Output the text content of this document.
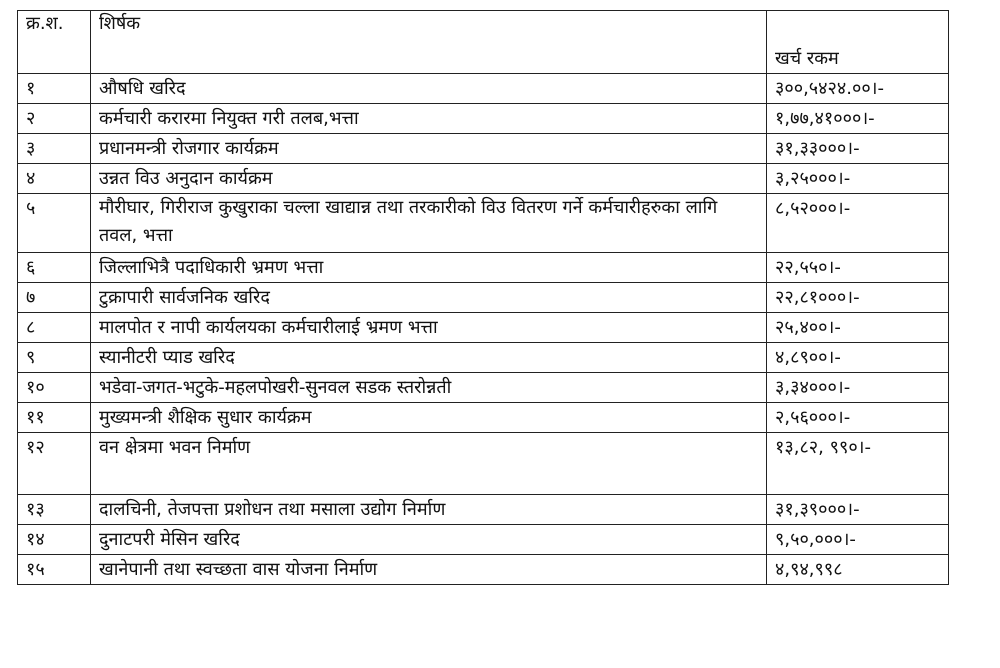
क्र.श.	शिर्षक	खर्च रकम
१	औषधि खरिद	३००,५४२४.००।-
२	कर्मचारी करारमा नियुक्त गरी तलब,भत्ता	१,७७,४१०००।-
३	प्रधानमन्त्री रोजगार कार्यक्रम	३१,३३०००।-
४	उन्नत विउ अनुदान कार्यक्रम	३,२५०००।-
५	मौरीघार, गिरीराज कुखुराका चल्ला खाद्यान्न तथा तरकारीको विउ वितरण गर्ने कर्मचारीहरुका लागि तवल, भत्ता	८,५२०००।-
६	जिल्लाभित्रै पदाधिकारी भ्रमण भत्ता	२२,५५०।-
७	टुक्रापारी सार्वजनिक खरिद	२२,८१०००।-
८	मालपोत र नापी कार्यलयका कर्मचारीलाई भ्रमण भत्ता	२५,४००।-
९	स्यानीटरी प्याड खरिद	४,८९००।-
१०	भडेवा-जगत-भटुके-महलपोखरी-सुनवल सडक स्तरोन्नती	३,३४०००।-
११	मुख्यमन्त्री शैक्षिक सुधार कार्यक्रम	२,५६०००।-
१२	वन क्षेत्रमा भवन निर्माण	१३,८२, ९९०।-
१३	दालचिनी, तेजपत्ता प्रशोधन तथा मसाला उद्योग निर्माण	३१,३९०००।-
१४	दुनाटपरी मेसिन खरिद	९,५०,०००।-
१५	खानेपानी तथा स्वच्छता वास योजना निर्माण	४,९४,९९८
